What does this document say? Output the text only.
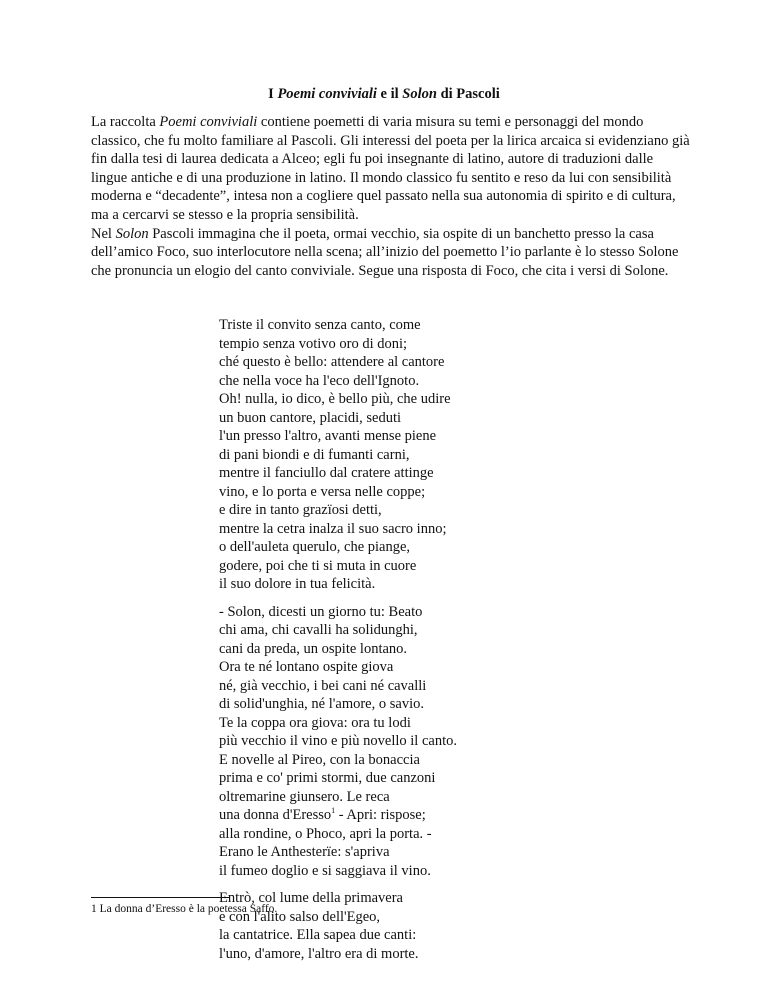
I Poemi conviviali e il Solon di Pascoli

La raccolta Poemi conviviali contiene poemetti di varia misura su temi e personaggi del mondo classico, che fu molto familiare al Pascoli. Gli interessi del poeta per la lirica arcaica si evidenziano già fin dalla tesi di laurea dedicata a Alceo; egli fu poi insegnante di latino, autore di traduzioni dalle lingue antiche e di una produzione in latino. Il mondo classico fu sentito e reso da lui con sensibilità moderna e “decadente”, intesa non a cogliere quel passato nella sua autonomia di spirito e di cultura, ma a cercarvi se stesso e la propria sensibilità.

Nel Solon Pascoli immagina che il poeta, ormai vecchio, sia ospite di un banchetto presso la casa dell’amico Foco, suo interlocutore nella scena; all’inizio del poemetto l’io parlante è lo stesso Solone che pronuncia un elogio del canto conviviale. Segue una risposta di Foco, che cita i versi di Solone.

Triste il convito senza canto, come
tempio senza votivo oro di doni;
ché questo è bello: attendere al cantore
che nella voce ha l'eco dell'Ignoto.
Oh! nulla, io dico, è bello più, che udire
un buon cantore, placidi, seduti
l'un presso l'altro, avanti mense piene
di pani biondi e di fumanti carni,
mentre il fanciullo dal cratere attinge
vino, e lo porta e versa nelle coppe;
e dire in tanto grazïosi detti,
mentre la cetra inalza il suo sacro inno;
o dell'auleta querulo, che piange,
godere, poi che ti si muta in cuore
il suo dolore in tua felicità.
- Solon, dicesti un giorno tu: Beato
chi ama, chi cavalli ha solidunghi,
cani da preda, un ospite lontano.
Ora te né lontano ospite giova
né, già vecchio, i bei cani né cavalli
di solid'unghia, né l'amore, o savio.
Te la coppa ora giova: ora tu lodi
più vecchio il vino e più novello il canto.
E novelle al Pireo, con la bonaccia
prima e co' primi stormi, due canzoni
oltremarine giunsero. Le reca
una donna d'Eresso$^1$ - Apri: rispose;
alla rondine, o Phoco, apri la porta. -
Erano le Anthesterïe: s'apriva
il fumeo doglio e si saggiava il vino.
Entrò, col lume della primavera
e con l'alito salso dell'Egeo,
la cantatrice. Ella sapea due canti:
l'uno, d'amore, l'altro era di morte.
1 La donna d’Eresso è la poetessa Saffo.
